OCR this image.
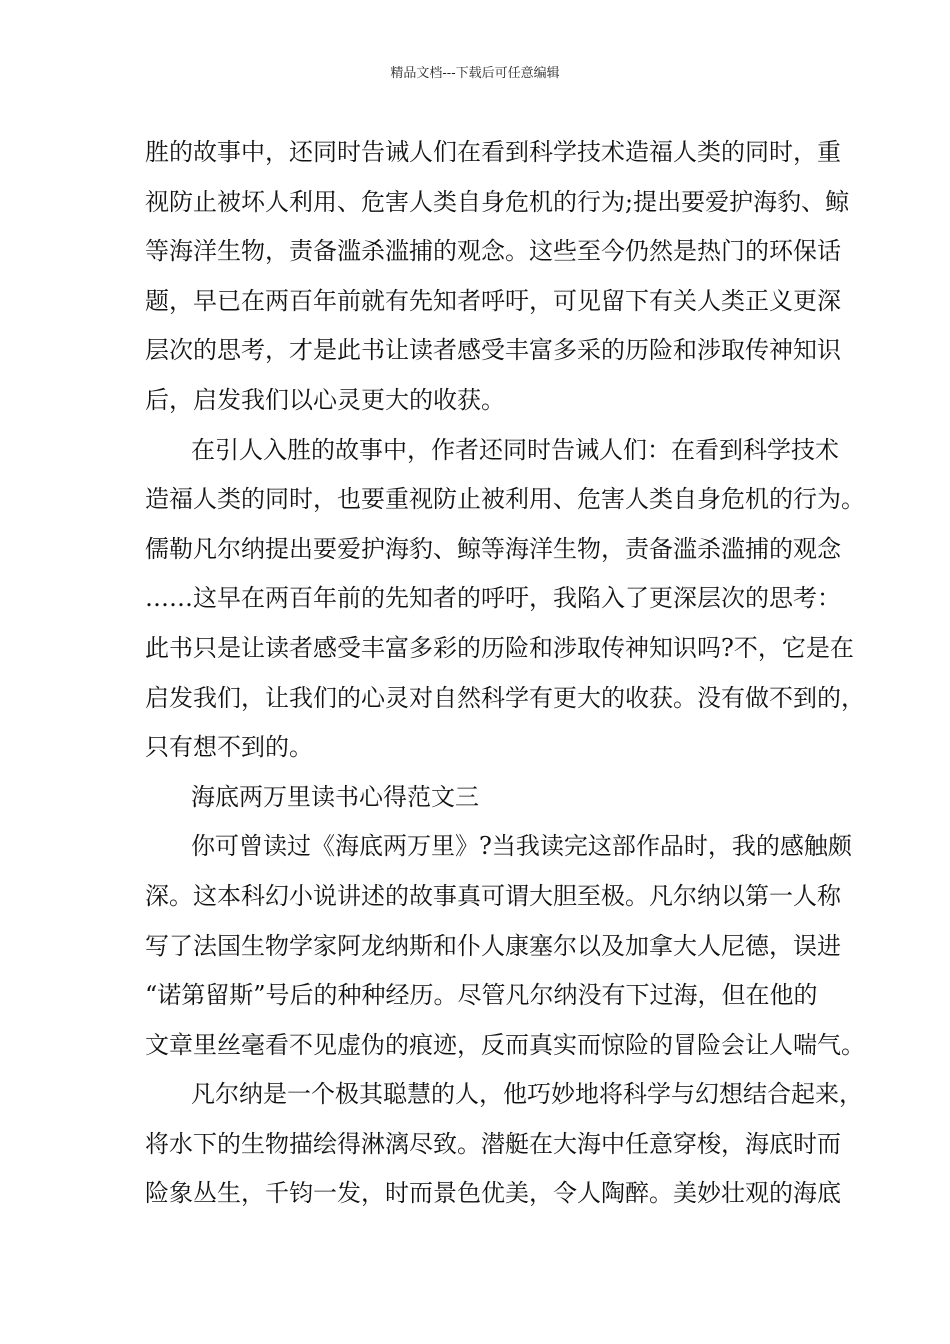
精品文档---下载后可任意编辑
胜的故事中，还同时告诫人们在看到科学技术造福人类的同时，重
视防止被坏人利用、危害人类自身危机的行为;提出要爱护海豹、鲸
等海洋生物，责备滥杀滥捕的观念。这些至今仍然是热门的环保话
题，早已在两百年前就有先知者呼吁，可见留下有关人类正义更深
层次的思考，才是此书让读者感受丰富多采的历险和涉取传神知识
后，启发我们以心灵更大的收获。
在引人入胜的故事中，作者还同时告诫人们：在看到科学技术
造福人类的同时，也要重视防止被利用、危害人类自身危机的行为。
儒勒凡尔纳提出要爱护海豹、鲸等海洋生物，责备滥杀滥捕的观念
……这早在两百年前的先知者的呼吁，我陷入了更深层次的思考：
此书只是让读者感受丰富多彩的历险和涉取传神知识吗?不，它是在
启发我们，让我们的心灵对自然科学有更大的收获。没有做不到的，
只有想不到的。
海底两万里读书心得范文三
你可曾读过《海底两万里》?当我读完这部作品时，我的感触颇
深。这本科幻小说讲述的故事真可谓大胆至极。凡尔纳以第一人称
写了法国生物学家阿龙纳斯和仆人康塞尔以及加拿大人尼德，误进
“诺第留斯”号后的种种经历。尽管凡尔纳没有下过海，但在他的
文章里丝毫看不见虚伪的痕迹，反而真实而惊险的冒险会让人喘气。
凡尔纳是一个极其聪慧的人，他巧妙地将科学与幻想结合起来，
将水下的生物描绘得淋漓尽致。潜艇在大海中任意穿梭，海底时而
险象丛生，千钧一发，时而景色优美，令人陶醉。美妙壮观的海底
